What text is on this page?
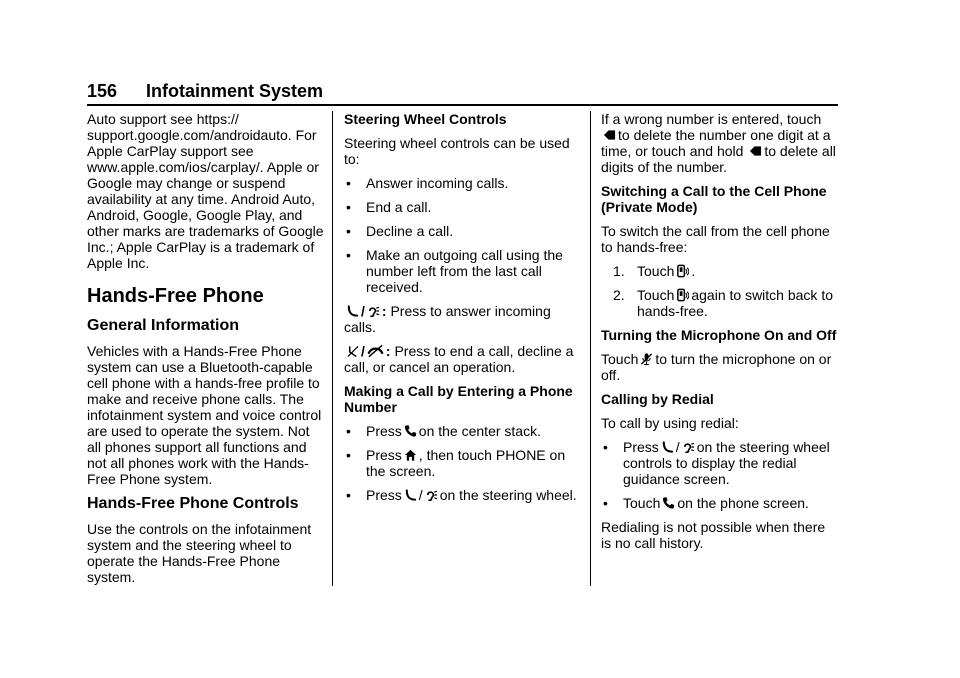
156 Infotainment System

Auto support see https:// support.google.com/androidauto. For Apple CarPlay support see www.apple.com/ios/carplay/. Apple or Google may change or suspend availability at any time. Android Auto, Android, Google, Google Play, and other marks are trademarks of Google Inc.; Apple CarPlay is a trademark of Apple Inc.

Hands-Free Phone
General Information

Vehicles with a Hands-Free Phone system can use a Bluetooth-capable cell phone with a hands-free profile to make and receive phone calls. The infotainment system and voice control are used to operate the system. Not all phones support all functions and not all phones work with the Hands-Free Phone system.

Hands-Free Phone Controls

Use the controls on the infotainment system and the steering wheel to operate the Hands-Free Phone system.

Steering Wheel Controls

Steering wheel controls can be used to:

• Answer incoming calls.
• End a call.
• Decline a call.
• Make an outgoing call using the number left from the last call received.

/ : Press to answer incoming calls.

/ : Press to end a call, decline a call, or cancel an operation.

Making a Call by Entering a Phone Number
• Press on the center stack.
• Press , then touch PHONE on the screen.
• Press / on the steering wheel.

If a wrong number is entered, touch
to delete the number one digit at a time, or touch and hold to delete all digits of the number.

Switching a Call to the Cell Phone (Private Mode)

To switch the call from the cell phone to hands-free:

1. Touch .
2. Touch again to switch back to hands-free.
Turning the Microphone On and Off

Touch to turn the microphone on or off.

Calling by Redial

To call by using redial:

• Press / on the steering wheel controls to display the redial guidance screen.
• Touch on the phone screen.

Redialing is not possible when there is no call history.
